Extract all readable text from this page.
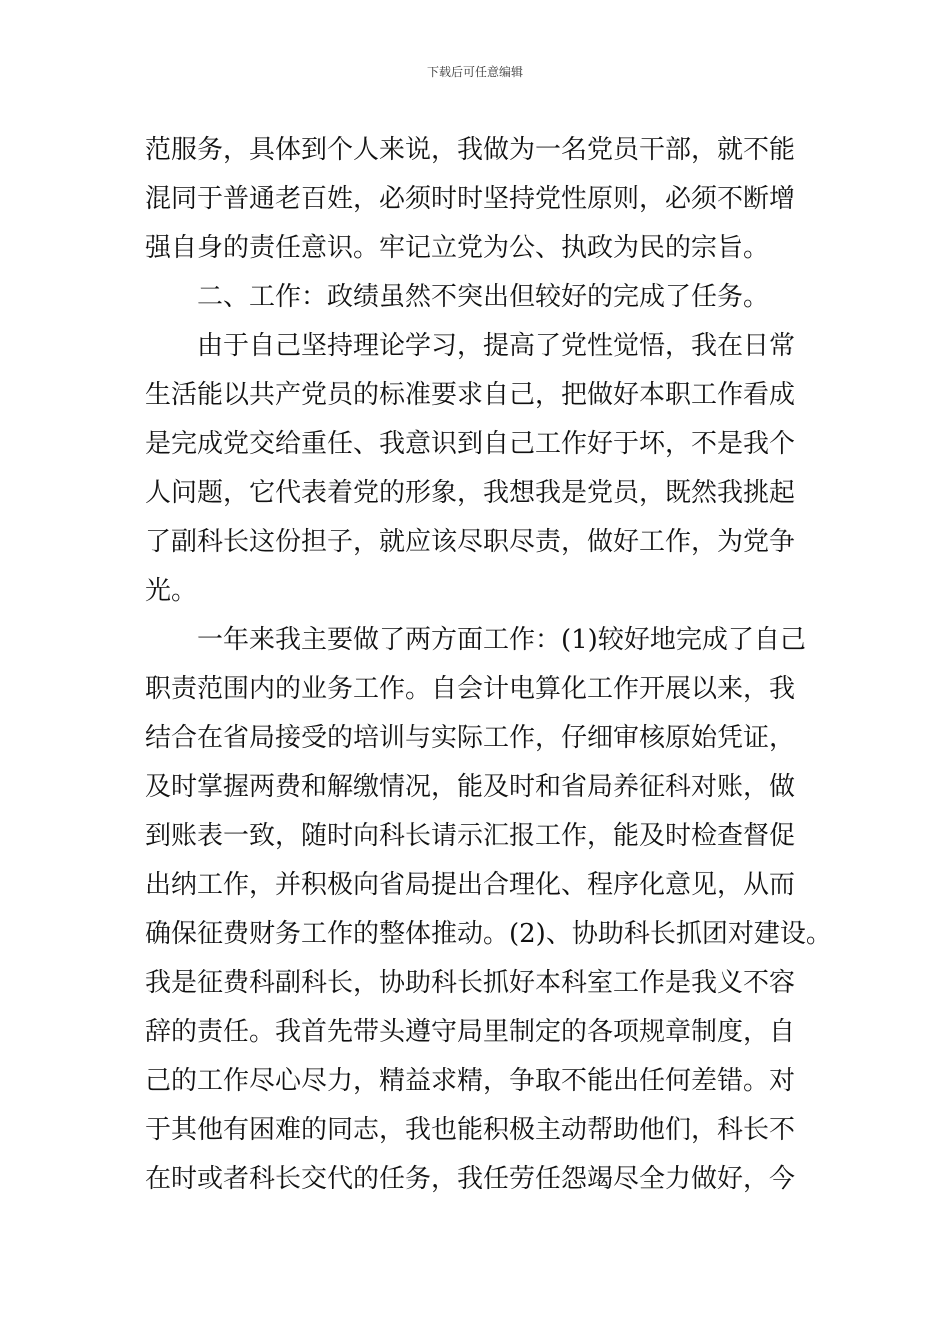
下载后可任意编辑
范服务，具体到个人来说，我做为一名党员干部，就不能
混同于普通老百姓，必须时时坚持党性原则，必须不断增
强自身的责任意识。牢记立党为公、执政为民的宗旨。
二、工作：政绩虽然不突出但较好的完成了任务。
由于自己坚持理论学习，提高了党性觉悟，我在日常
生活能以共产党员的标准要求自己，把做好本职工作看成
是完成党交给重任、我意识到自己工作好于坏，不是我个
人问题，它代表着党的形象，我想我是党员，既然我挑起
了副科长这份担子，就应该尽职尽责，做好工作，为党争
光。
一年来我主要做了两方面工作：(1)较好地完成了自己
职责范围内的业务工作。自会计电算化工作开展以来，我
结合在省局接受的培训与实际工作，仔细审核原始凭证，
及时掌握两费和解缴情况，能及时和省局养征科对账，做
到账表一致，随时向科长请示汇报工作，能及时检查督促
出纳工作，并积极向省局提出合理化、程序化意见，从而
确保征费财务工作的整体推动。(2)、协助科长抓团对建设。
我是征费科副科长，协助科长抓好本科室工作是我义不容
辞的责任。我首先带头遵守局里制定的各项规章制度，自
己的工作尽心尽力，精益求精，争取不能出任何差错。对
于其他有困难的同志，我也能积极主动帮助他们，科长不
在时或者科长交代的任务，我任劳任怨竭尽全力做好，今
